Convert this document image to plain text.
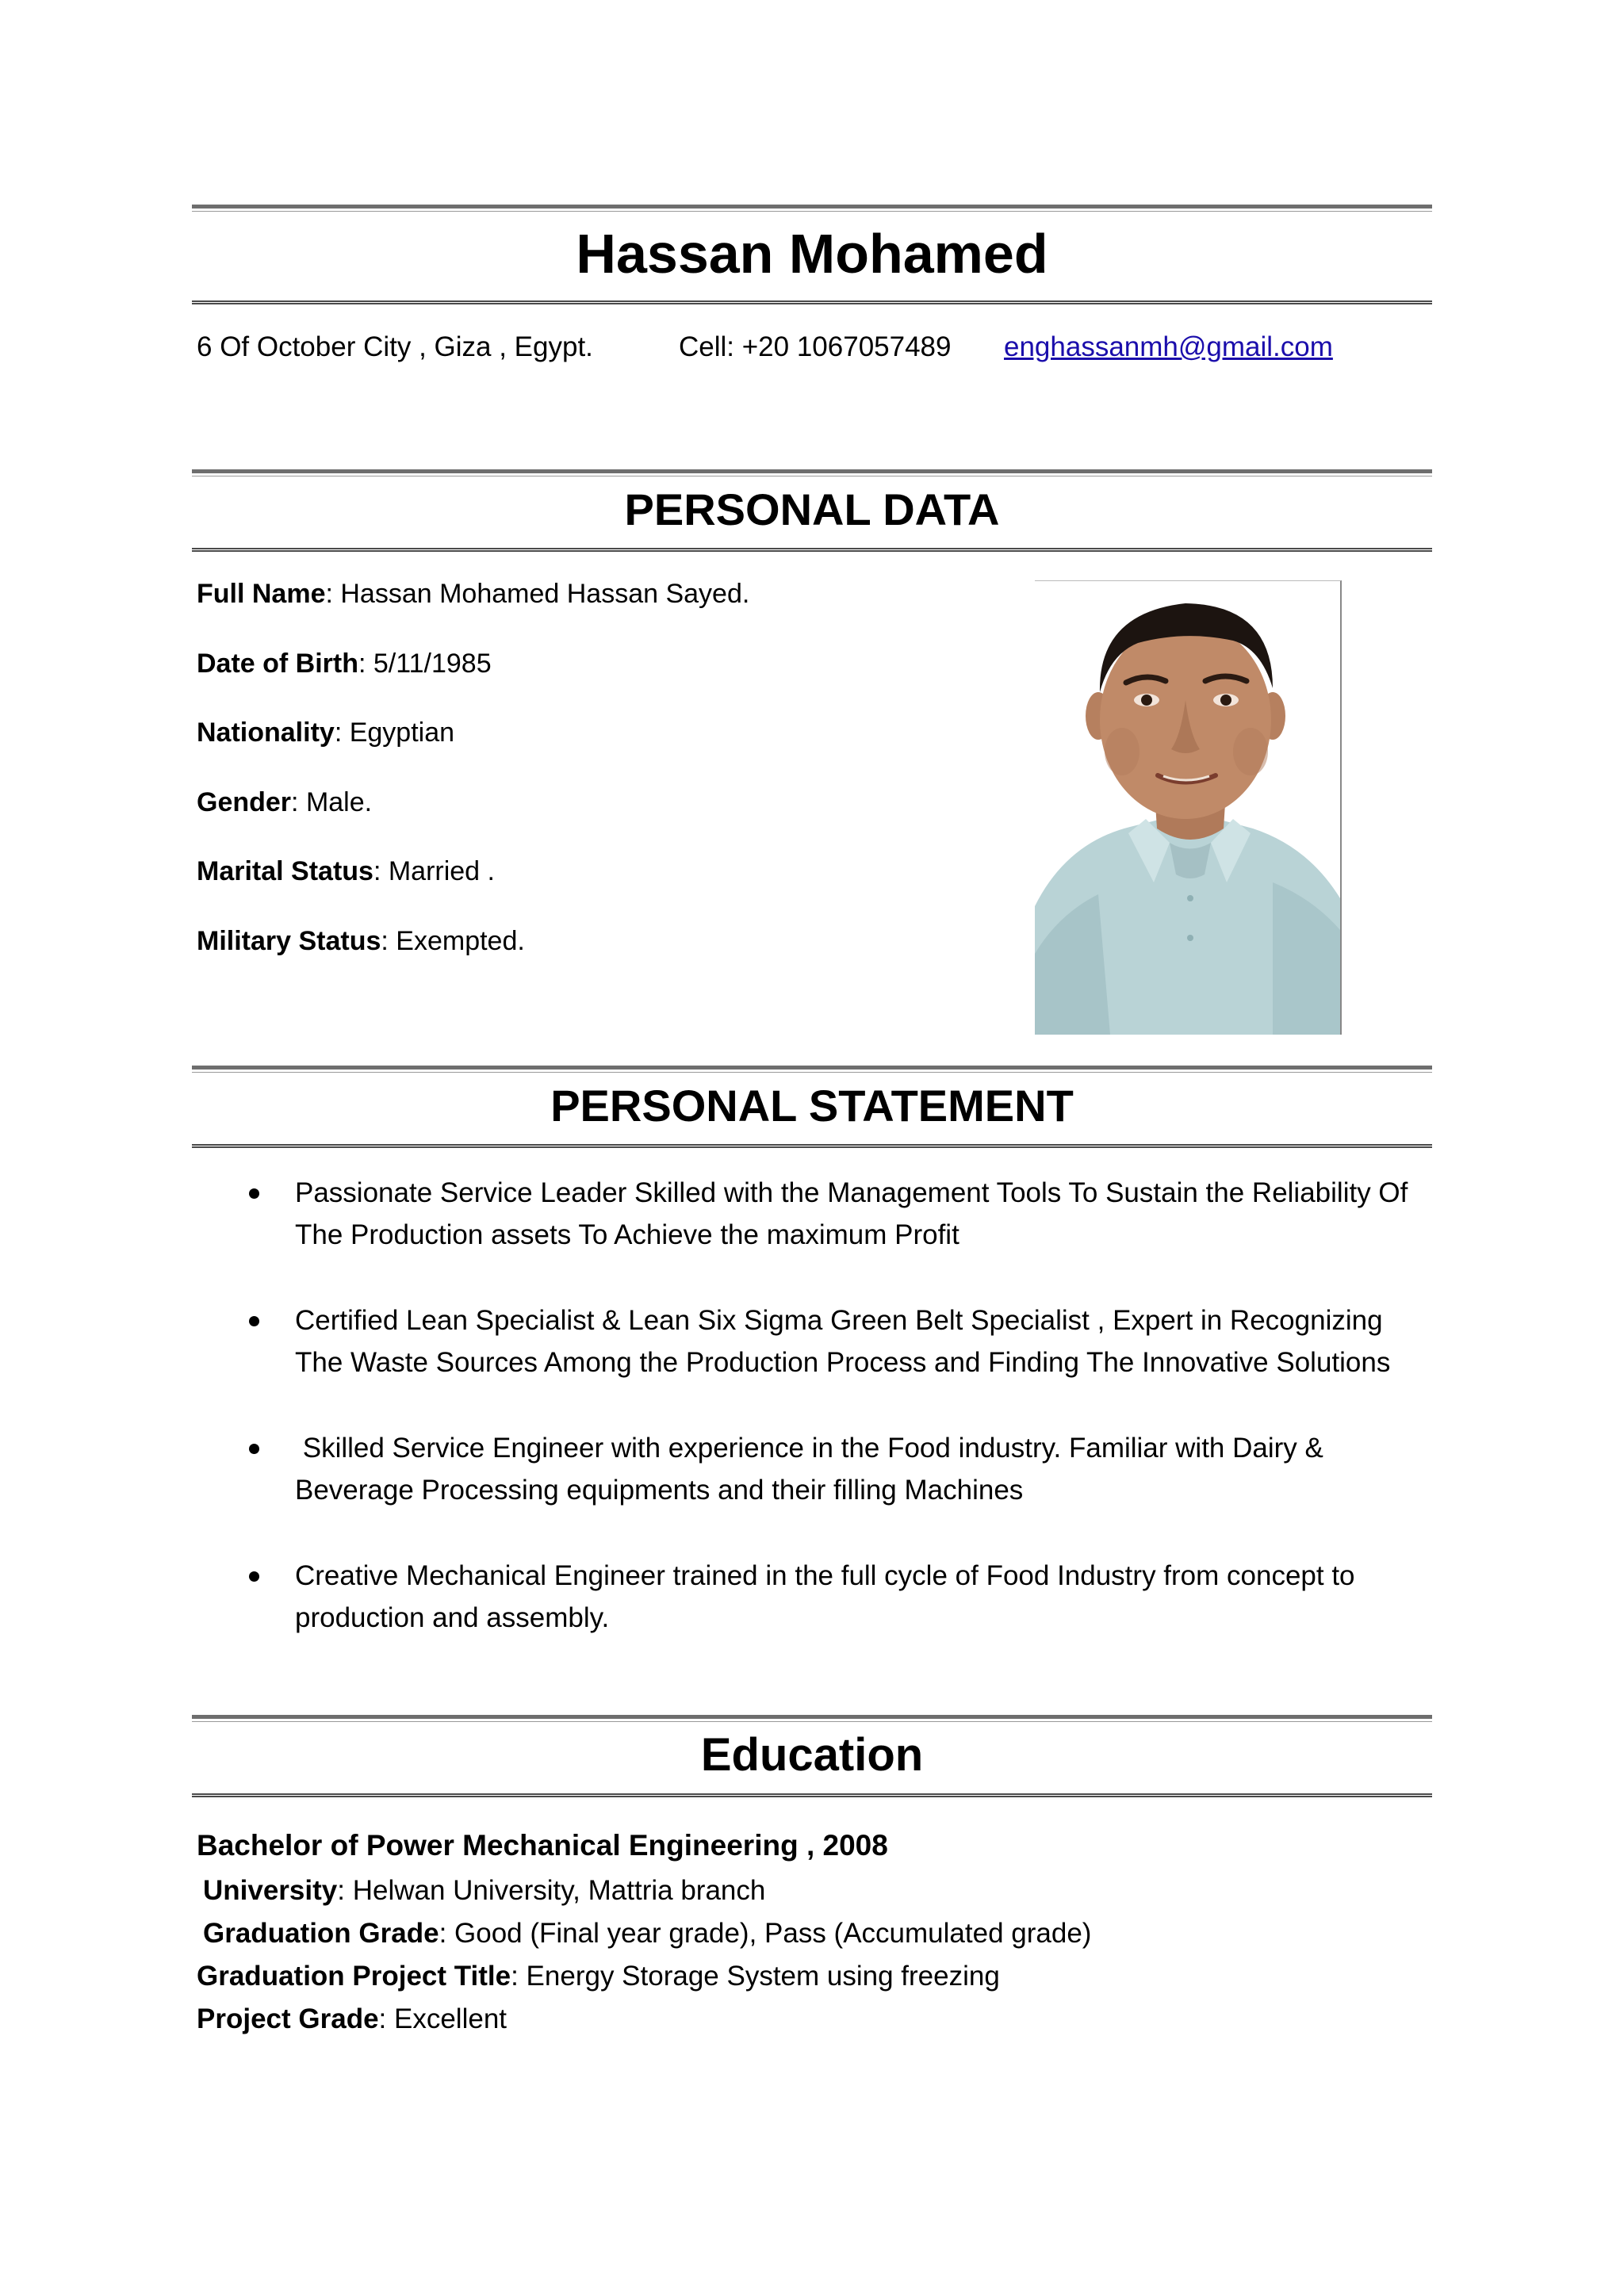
Hassan Mohamed
6 Of October City , Giza , Egypt.	Cell: +20 1067057489 enghassanmh@gmail.com
PERSONAL DATA
Full Name: Hassan Mohamed Hassan Sayed.
Date of Birth: 5/11/1985
Nationality: Egyptian
Gender: Male.
Marital Status: Married .
Military Status: Exempted.
PERSONAL STATEMENT
Passionate Service Leader Skilled with the Management Tools To Sustain the Reliability Of The Production assets To Achieve the maximum Profit
Certified Lean Specialist & Lean Six Sigma Green Belt Specialist , Expert in Recognizing The Waste Sources Among the Production Process and Finding The Innovative Solutions
Skilled Service Engineer with experience in the Food industry. Familiar with Dairy & Beverage Processing equipments and their filling Machines
Creative Mechanical Engineer trained in the full cycle of Food Industry from concept to production and assembly.
Education
Bachelor of Power Mechanical Engineering , 2008
University: Helwan University, Mattria branch
Graduation Grade: Good (Final year grade), Pass (Accumulated grade)
Graduation Project Title: Energy Storage System using freezing
Project Grade: Excellent
